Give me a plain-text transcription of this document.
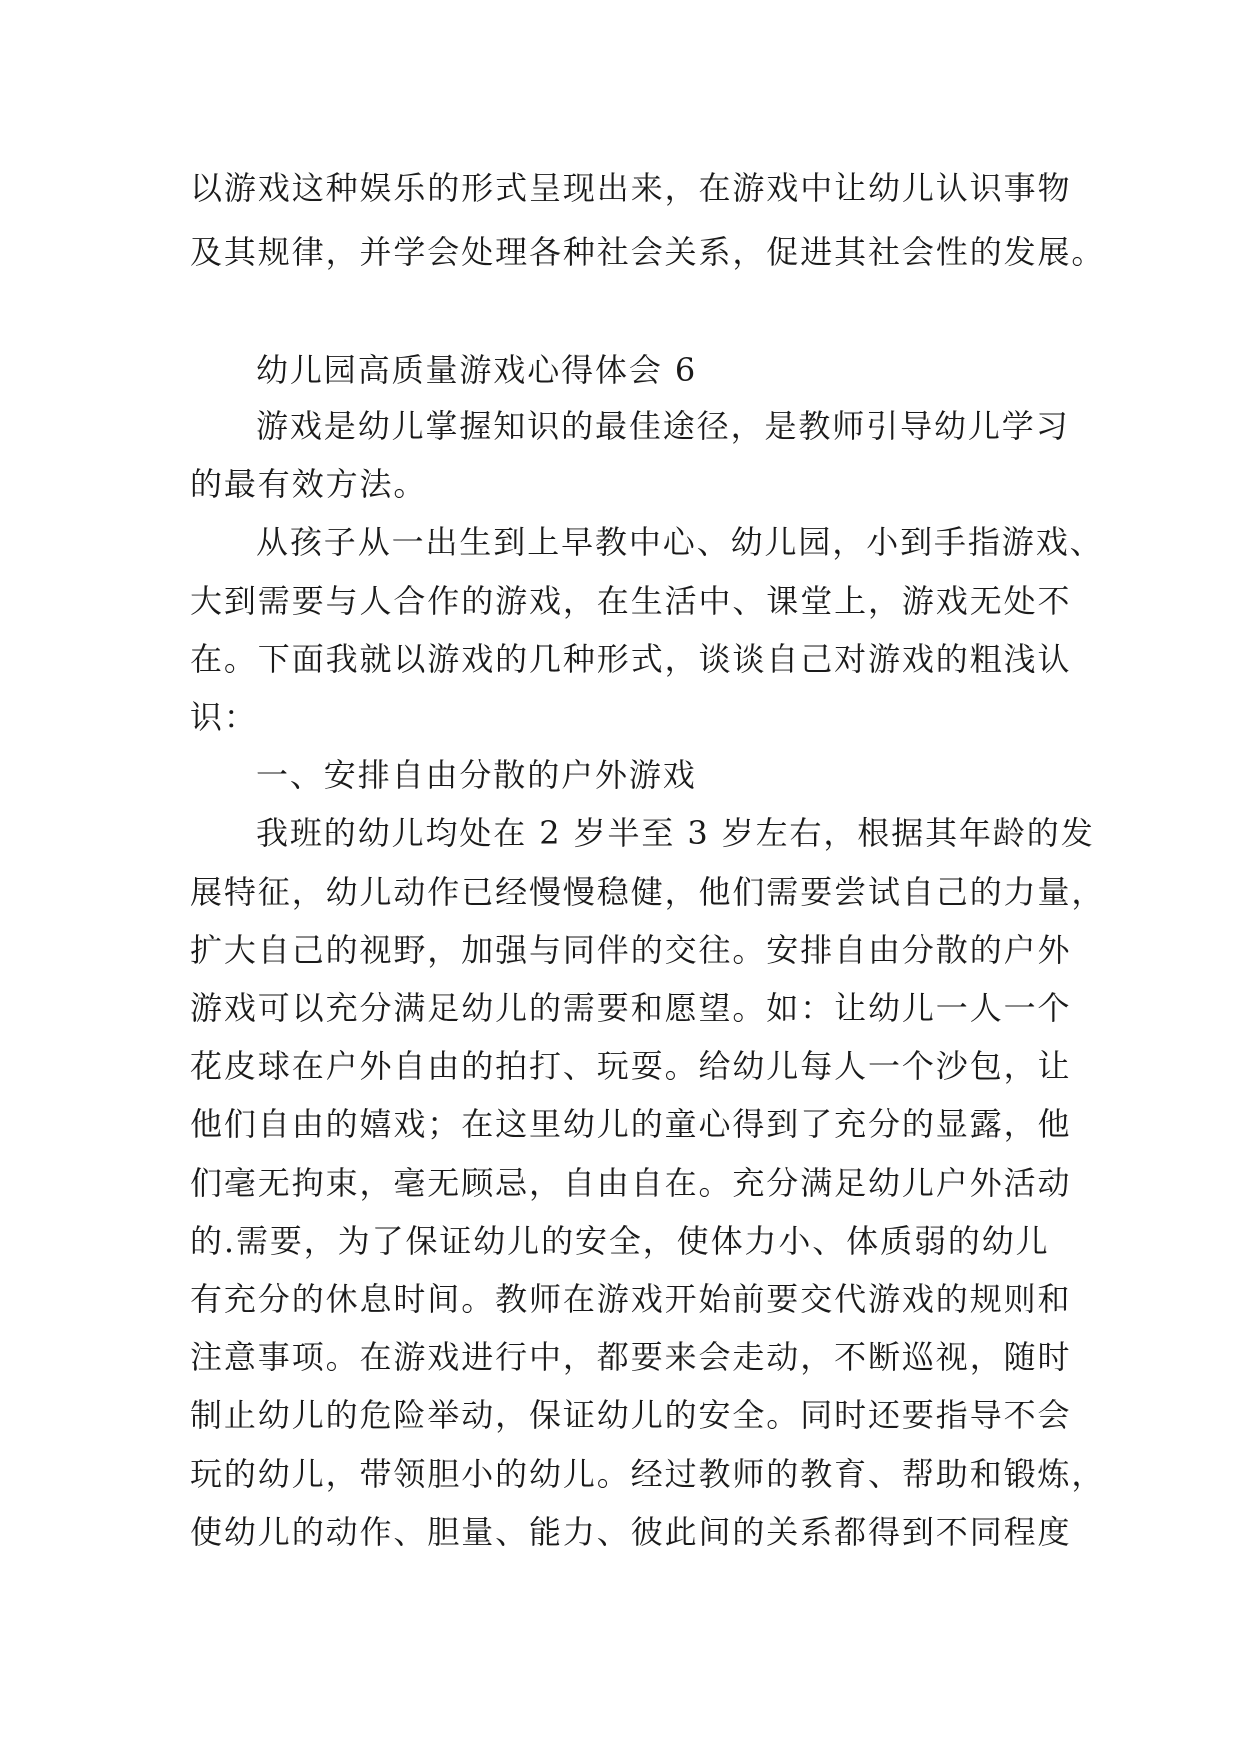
以游戏这种娱乐的形式呈现出来，在游戏中让幼儿认识事物
及其规律，并学会处理各种社会关系，促进其社会性的发展。
幼儿园高质量游戏心得体会 6
游戏是幼儿掌握知识的最佳途径，是教师引导幼儿学习
的最有效方法。
从孩子从一出生到上早教中心、幼儿园，小到手指游戏、
大到需要与人合作的游戏，在生活中、课堂上，游戏无处不
在。下面我就以游戏的几种形式，谈谈自己对游戏的粗浅认
识：
一、安排自由分散的户外游戏
我班的幼儿均处在 2 岁半至 3 岁左右，根据其年龄的发
展特征，幼儿动作已经慢慢稳健，他们需要尝试自己的力量，
扩大自己的视野，加强与同伴的交往。安排自由分散的户外
游戏可以充分满足幼儿的需要和愿望。如：让幼儿一人一个
花皮球在户外自由的拍打、玩耍。给幼儿每人一个沙包，让
他们自由的嬉戏；在这里幼儿的童心得到了充分的显露，他
们毫无拘束，毫无顾忌，自由自在。充分满足幼儿户外活动
的.需要，为了保证幼儿的安全，使体力小、体质弱的幼儿
有充分的休息时间。教师在游戏开始前要交代游戏的规则和
注意事项。在游戏进行中，都要来会走动，不断巡视，随时
制止幼儿的危险举动，保证幼儿的安全。同时还要指导不会
玩的幼儿，带领胆小的幼儿。经过教师的教育、帮助和锻炼，
使幼儿的动作、胆量、能力、彼此间的关系都得到不同程度
